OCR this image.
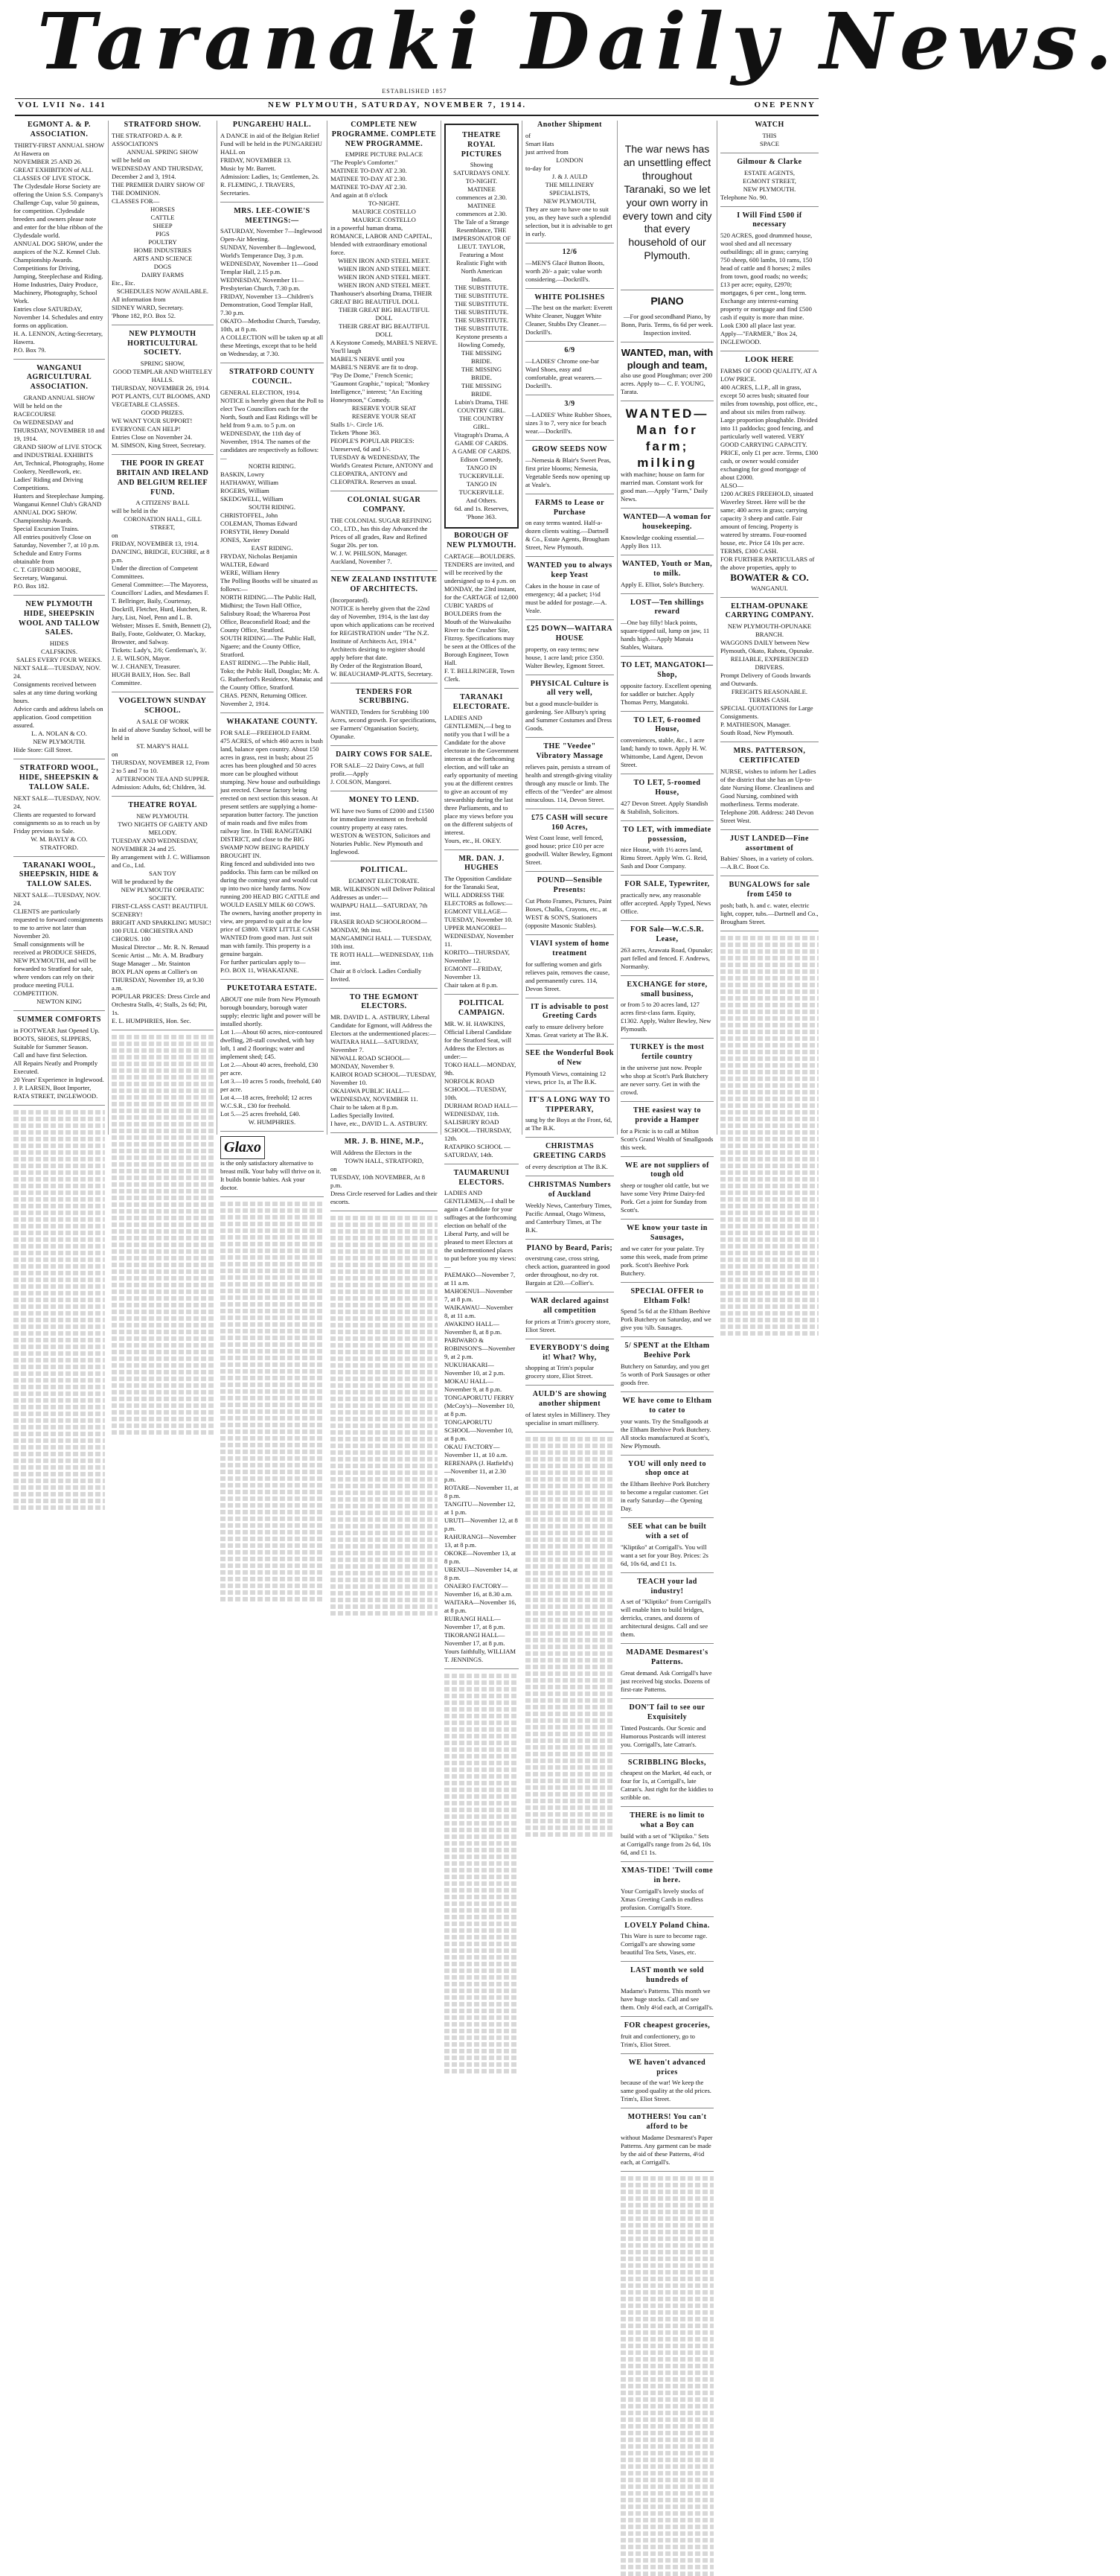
Taranaki Daily News.
ESTABLISHED 1857
VOL LVII No. 141	NEW PLYMOUTH, SATURDAY, NOVEMBER 7, 1914.	ONE PENNY
EGMONT A. & P. ASSOCIATION.
THIRTY-FIRST ANNUAL SHOW
At Hawera on
NOVEMBER 25 AND 26.
GREAT EXHIBITION of ALL CLASSES OF LIVE STOCK.
The Clydesdale Horse Society are offering the Union S.S. Company's Challenge Cup, value 50 guineas, for competition. Clydesdale breeders and owners please note and enter for the blue ribbon of the Clydesdale world.
ANNUAL DOG SHOW, under the auspices of the N.Z. Kennel Club. Championship Awards.
Competitions for Driving, Jumping, Steeplechase and Riding.
Home Industries, Dairy Produce, Machinery, Photography, School Work.
Entries close SATURDAY, November 14. Schedules and entry forms on application.
H. A. LENNON, Acting-Secretary, Hawera.
P.O. Box 79.
WANGANUI AGRICULTURAL ASSOCIATION.
GRAND ANNUAL SHOW
Will be held on the RACECOURSE
On WEDNESDAY and THURSDAY, NOVEMBER 18 and 19, 1914.
GRAND SHOW of LIVE STOCK and INDUSTRIAL EXHIBITS
Art, Technical, Photography, Home Cookery, Needlework, etc.
Ladies' Riding and Driving Competitions.
Hunters and Steeplechase Jumping.
Wanganui Kennel Club's GRAND ANNUAL DOG SHOW.
Championship Awards.
Special Excursion Trains.
All entries positively Close on Saturday, November 7, at 10 p.m.
Schedule and Entry Forms obtainable from
C. T. GIFFORD MOORE, Secretary, Wanganui.
P.O. Box 182.
NEW PLYMOUTH HIDE, SHEEPSKIN WOOL AND TALLOW SALES.
HIDES
CALFSKINS.
SALES EVERY FOUR WEEKS.
NEXT SALE—TUESDAY, NOV. 24.
Consignments received between sales at any time during working hours.
Advice cards and address labels on application. Good competition assured.
L. A. NOLAN & CO.
NEW PLYMOUTH.
Hide Store: Gill Street.
STRATFORD WOOL, HIDE, SHEEPSKIN & TALLOW SALE.
NEXT SALE—TUESDAY, NOV. 24.
Clients are requested to forward consignments so as to reach us by Friday previous to Sale.
W. M. BAYLY & CO.
STRATFORD.
TARANAKI WOOL, SHEEPSKIN, HIDE & TALLOW SALES.
NEXT SALE—TUESDAY, NOV. 24.
CLIENTS are particularly requested to forward consignments to me to arrive not later than November 20.
Small consignments will be received at PRODUCE SHEDS, NEW PLYMOUTH, and will be forwarded to Stratford for sale, where vendors can rely on their produce meeting FULL COMPETITION.
NEWTON KING
SUMMER COMFORTS
in FOOTWEAR Just Opened Up.
BOOTS, SHOES, SLIPPERS, Suitable for Summer Season.
Call and have first Selection.
All Repairs Neatly and Promptly Executed.
20 Years' Experience in Inglewood.
J. P. LARSEN, Boot Importer, RATA STREET, INGLEWOOD.
STRATFORD SHOW.
THE STRATFORD A. & P. ASSOCIATION'S
ANNUAL SPRING SHOW
will be held on
WEDNESDAY AND THURSDAY, December 2 and 3, 1914.
THE PREMIER DAIRY SHOW OF THE DOMINION.
CLASSES FOR—
HORSES
CATTLE
SHEEP
PIGS
POULTRY
HOME INDUSTRIES
ARTS AND SCIENCE
DOGS
DAIRY FARMS
Etc., Etc.
SCHEDULES NOW AVAILABLE.
All information from
SIDNEY WARD, Secretary.
'Phone 182, P.O. Box 52.
NEW PLYMOUTH HORTICULTURAL SOCIETY.
SPRING SHOW,
GOOD TEMPLAR AND WHITELEY HALLS.
THURSDAY, NOVEMBER 26, 1914.
POT PLANTS, CUT BLOOMS, AND VEGETABLE CLASSES.
GOOD PRIZES.
WE WANT YOUR SUPPORT! EVERYONE CAN HELP!
Entries Close on November 24.
M. SIMSON, King Street, Secretary.
THE POOR IN GREAT BRITAIN AND IRELAND AND BELGIUM RELIEF FUND.
A CITIZENS' BALL
will be held in the
CORONATION HALL, GILL STREET,
on
FRIDAY, NOVEMBER 13, 1914.
DANCING, BRIDGE, EUCHRE, at 8 p.m.
Under the direction of Competent Committees.
General Committee:—The Mayoress, Councillors' Ladies, and Mesdames F. T. Bellringer, Baily, Courtenay, Dockrill, Fletcher, Hurd, Hutchen, R. Jury, List, Noel, Penn and L. B. Webster; Misses E. Smith, Bennett (2), Baily, Foote, Goldwater, O. Mackay, Browster, and Salway.
Tickets: Lady's, 2/6; Gentleman's, 3/.
J. E. WILSON, Mayor.
W. J. CHANEY, Treasurer.
HUGH BAILY, Hon. Sec. Ball Committee.
VOGELTOWN SUNDAY SCHOOL.
A SALE OF WORK
In aid of above Sunday School, will be held in
ST. MARY'S HALL
on
THURSDAY, NOVEMBER 12, From 2 to 5 and 7 to 10.
AFTERNOON TEA AND SUPPER.
Admission: Adults, 6d; Children, 3d.
THEATRE ROYAL
NEW PLYMOUTH.
TWO NIGHTS OF GAIETY AND MELODY.
TUESDAY AND WEDNESDAY, NOVEMBER 24 and 25.
By arrangement with J. C. Williamson and Co., Ltd.
SAN TOY
Will be produced by the
NEW PLYMOUTH OPERATIC SOCIETY.
FIRST-CLASS CAST! BEAUTIFUL SCENERY!
BRIGHT AND SPARKLING MUSIC!
100 FULL ORCHESTRA AND CHORUS. 100
Musical Director ... Mr. R. N. Renaud
Scenic Artist ... Mr. A. M. Bradbury
Stage Manager ... Mr. Stainton
BOX PLAN opens at Collier's on THURSDAY, November 19, at 9.30 a.m.
POPULAR PRICES: Dress Circle and Orchestra Stalls, 4/; Stalls, 2s 6d; Pit, 1s.
E. L. HUMPHRIES, Hon. Sec.
PUNGAREHU HALL.
A DANCE in aid of the Belgian Relief Fund will be held in the PUNGAREHU HALL on
FRIDAY, NOVEMBER 13.
Music by Mr. Barrett.
Admission: Ladies, 1s; Gentlemen, 2s.
R. FLEMING, J. TRAVERS, Secretaries.
MRS. LEE-COWIE'S MEETINGS:—
SATURDAY, November 7—Inglewood Open-Air Meeting.
SUNDAY, November 8—Inglewood, World's Temperance Day, 3 p.m.
WEDNESDAY, November 11—Good Templar Hall, 2.15 p.m.
WEDNESDAY, November 11—Presbyterian Church, 7.30 p.m.
FRIDAY, November 13—Children's Demonstration, Good Templar Hall, 7.30 p.m.
OKATO—Methodist Church, Tuesday, 10th, at 8 p.m.
A COLLECTION will be taken up at all these Meetings, except that to be held on Wednesday, at 7.30.
STRATFORD COUNTY COUNCIL.
GENERAL ELECTION, 1914.
NOTICE is hereby given that the Poll to elect Two Councillors each for the North, South and East Ridings will be held from 9 a.m. to 5 p.m. on WEDNESDAY, the 11th day of November, 1914. The names of the candidates are respectively as follows:—
NORTH RIDING.
BASKIN, Lowry
HATHAWAY, William
ROGERS, William
SKEDGWELL, William
SOUTH RIDING.
CHRISTOFFEL, John
COLEMAN, Thomas Edward
FORSYTH, Henry Donald
JONES, Xavier
EAST RIDING.
FRYDAY, Nicholas Benjamin
WALTER, Edward
WERE, William Henry
The Polling Booths will be situated as follows:—
NORTH RIDING.—The Public Hall, Midhirst; the Town Hall Office, Salisbury Road; the Whareroa Post Office, Beaconsfield Road; and the County Office, Stratford.
SOUTH RIDING.—The Public Hall, Ngaere; and the County Office, Stratford.
EAST RIDING.—The Public Hall, Toko; the Public Hall, Douglas; Mr. A. G. Rutherford's Residence, Manaia; and the County Office, Stratford.
CHAS. PENN, Returning Officer.
November 2, 1914.
WHAKATANE COUNTY.
FOR SALE—FREEHOLD FARM.
475 ACRES, of which 460 acres is bush land, balance open country. About 150 acres in grass, rest in bush; about 25 acres has been ploughed and 50 acres more can be ploughed without stumping. New house and outbuildings just erected. Cheese factory being erected on next section this season. At present settlers are supplying a home-separation butter factory. The junction of main roads and five miles from railway line. In THE RANGITAIKI DISTRICT, and close to the BIG SWAMP NOW BEING RAPIDLY BROUGHT IN.
Ring fenced and subdivided into two paddocks. This farm can be milked on during the coming year and would cut up into two nice handy farms. Now running 200 HEAD BIG CATTLE and WOULD EASILY MILK 60 COWS.
The owners, having another property in view, are prepared to quit at the low price of £3800. VERY LITTLE CASH WANTED from good man. Just suit man with family. This property is a genuine bargain.
For further particulars apply to—
P.O. BOX 11, WHAKATANE.
PUKETOTARA ESTATE.
ABOUT one mile from New Plymouth borough boundary, borough water supply; electric light and power will be installed shortly.
Lot 1.—About 60 acres, nice-contoured dwelling, 28-stall cowshed, with bay loft, 1 and 2 floorings; water and implement shed; £45.
Lot 2.—About 40 acres, freehold, £30 per acre.
Lot 3.—10 acres 5 roods, freehold, £40 per acre.
Lot 4.—18 acres, freehold; 12 acres W.C.S.R., £30 for freehold.
Lot 5.—25 acres freehold, £40.
W. HUMPHRIES.
Glaxo
is the only satisfactory alternative to breast milk. Your baby will thrive on it. It builds bonnie babies. Ask your doctor.
COMPLETE NEW PROGRAMME. COMPLETE NEW PROGRAMME.
EMPIRE PICTURE PALACE
"The People's Comforter."
MATINEE TO-DAY AT 2.30.
MATINEE TO-DAY AT 2.30.
MATINEE TO-DAY AT 2.30.
And again at 8 o'clock
TO-NIGHT.
MAURICE COSTELLO
MAURICE COSTELLO
in a powerful human drama, ROMANCE, LABOR AND CAPITAL, blended with extraordinary emotional force.
WHEN IRON AND STEEL MEET.
WHEN IRON AND STEEL MEET.
WHEN IRON AND STEEL MEET.
WHEN IRON AND STEEL MEET.
Thanhouser's absorbing Drama, THEIR GREAT BIG BEAUTIFUL DOLL
THEIR GREAT BIG BEAUTIFUL DOLL
THEIR GREAT BIG BEAUTIFUL DOLL
A Keystone Comedy, MABEL'S NERVE. You'll laugh
MABEL'S NERVE until you
MABEL'S NERVE are fit to drop.
"Pay De Dome," French Scenic; "Gaumont Graphic," topical; "Monkey Intelligence," interest; "An Exciting Honeymoon," Comedy.
RESERVE YOUR SEAT
RESERVE YOUR SEAT
Stalls 1/-. Circle 1/6.
Tickets 'Phone 363.
PEOPLE'S POPULAR PRICES: Unreserved, 6d and 1/-.
TUESDAY & WEDNESDAY, The World's Greatest Picture, ANTONY and CLEOPATRA, ANTONY and CLEOPATRA. Reserves as usual.
COLONIAL SUGAR COMPANY.
THE COLONIAL SUGAR REFINING CO., LTD., has this day Advanced the Prices of all grades, Raw and Refined Sugar 20s. per ton.
W. J. W. PHILSON, Manager.
Auckland, November 7.
NEW ZEALAND INSTITUTE OF ARCHITECTS.
(Incorporated).
NOTICE is hereby given that the 22nd day of November, 1914, is the last day upon which applications can be received for REGISTRATION under "The N.Z. Institute of Architects Act, 1914." Architects desiring to register should apply before that date.
By Order of the Registration Board,
W. BEAUCHAMP-PLATTS, Secretary.
TENDERS FOR SCRUBBING.
WANTED, Tenders for Scrubbing 100 Acres, second growth. For specifications, see Farmers' Organisation Society, Opunake.
DAIRY COWS FOR SALE.
FOR SALE—22 Dairy Cows, at full profit.—Apply
J. COLSON, Mangorei.
MONEY TO LEND.
WE have two Sums of £2000 and £1500 for immediate investment on freehold country property at easy rates.
WESTON & WESTON, Solicitors and Notaries Public. New Plymouth and Inglewood.
POLITICAL.
EGMONT ELECTORATE.
MR. WILKINSON will Deliver Political Addresses as under:—
WAIPAPU HALL—SATURDAY, 7th inst.
FRASER ROAD SCHOOLROOM—MONDAY, 9th inst.
MANGAMINGI HALL — TUESDAY, 10th inst.
TE ROTI HALL—WEDNESDAY, 11th inst.
Chair at 8 o'clock. Ladies Cordially Invited.
TO THE EGMONT ELECTORS.
MR. DAVID L. A. ASTBURY, Liberal Candidate for Egmont, will Address the Electors at the undermentioned places:—
WAITARA HALL—SATURDAY, November 7.
NEWALL ROAD SCHOOL—MONDAY, November 9.
KAIROI ROAD SCHOOL—TUESDAY, November 10.
OKAIAWA PUBLIC HALL—WEDNESDAY, NOVEMBER 11.
Chair to be taken at 8 p.m.
Ladies Specially Invited.
I have, etc., DAVID L. A. ASTBURY.
MR. J. B. HINE, M.P.,
Will Address the Electors in the
TOWN HALL, STRATFORD,
on
TUESDAY, 10th NOVEMBER, At 8 p.m.
Dress Circle reserved for Ladies and their escorts.
THEATRE ROYAL PICTURES
Showing SATURDAYS ONLY.
TO-NIGHT.
MATINEE commences at 2.30.
MATINEE commences at 2.30.
The Tale of a Strange Resemblance, THE IMPERSONATOR OF LIEUT. TAYLOR,
Featuring a Most Realistic Fight with North American Indians.
THE SUBSTITUTE.
THE SUBSTITUTE.
THE SUBSTITUTE.
THE SUBSTITUTE.
THE SUBSTITUTE.
THE SUBSTITUTE.
Keystone presents a Howling Comedy,
THE MISSING BRIDE.
THE MISSING BRIDE.
THE MISSING BRIDE.
Lubin's Drama, THE COUNTRY GIRL.
THE COUNTRY GIRL.
Vitagraph's Drama, A GAME OF CARDS.
A GAME OF CARDS.
Edison Comedy, TANGO IN TUCKERVILLE.
TANGO IN TUCKERVILLE.
And Others.
6d. and 1s. Reserves, 'Phone 363.
BOROUGH OF NEW PLYMOUTH.
CARTAGE—BOULDERS.
TENDERS are invited, and will be received by the undersigned up to 4 p.m. on MONDAY, the 23rd instant, for the CARTAGE of 12,000 CUBIC YARDS of BOULDERS from the Mouth of the Waiwakaiho River to the Crusher Site, Fitzroy. Specifications may be seen at the Offices of the Borough Engineer, Town Hall.
F. T. BELLRINGER, Town Clerk.
TARANAKI ELECTORATE.
LADIES AND GENTLEMEN,—I beg to notify you that I will be a Candidate for the above electorate in the Government interests at the forthcoming election, and will take an early opportunity of meeting you at the different centres to give an account of my stewardship during the last three Parliaments, and to place my views before you on the different subjects of interest.
Yours, etc., H. OKEY.
MR. DAN. J. HUGHES
The Opposition Candidate for the Taranaki Seat,
WILL ADDRESS THE ELECTORS as follows:—
EGMONT VILLAGE—TUESDAY, November 10.
UPPER MANGOREI—WEDNESDAY, November 11.
KORITO—THURSDAY, November 12.
EGMONT—FRIDAY, November 13.
Chair taken at 8 p.m.
POLITICAL CAMPAIGN.
MR. W. H. HAWKINS, Official Liberal Candidate for the Stratford Seat, will Address the Electors as under:—
TOKO HALL—MONDAY, 9th.
NORFOLK ROAD SCHOOL—TUESDAY, 10th.
DURHAM ROAD HALL—WEDNESDAY, 11th.
SALISBURY ROAD SCHOOL—THURSDAY, 12th.
RATAPIKO SCHOOL — SATURDAY, 14th.
TAUMARUNUI ELECTORS.
LADIES AND GENTLEMEN,—I shall be again a Candidate for your suffrages at the forthcoming election on behalf of the Liberal Party, and will be pleased to meet Electors at the undermentioned places to put before you my views:—
PAEMAKO—November 7, at 11 a.m.
MAHOENUI—November 7, at 8 p.m.
WAIKAWAU—November 8, at 11 a.m.
AWAKINO HALL—November 8, at 8 p.m.
PARIWARO & ROBINSON'S—November 9, at 2 p.m.
NUKUHAKARI—November 10, at 2 p.m.
MOKAU HALL—November 9, at 8 p.m.
TONGAPORUTU FERRY (McCoy's)—November 10, at 8 p.m.
TONGAPORUTU SCHOOL—November 10, at 8 p.m.
OKAU FACTORY—November 11, at 10 a.m.
RERENAPA (J. Hatfield's)—November 11, at 2.30 p.m.
ROTARE—November 11, at 8 p.m.
TANGITU—November 12, at 1 p.m.
URUTI—November 12, at 8 p.m.
RAHURANGI—November 13, at 8 p.m.
OKOKE—November 13, at 8 p.m.
URENUI—November 14, at 8 p.m.
ONAERO FACTORY—November 16, at 8.30 a.m.
WAITARA—November 16, at 8 p.m.
RUIRANGI HALL—November 17, at 8 p.m.
TIKORANGI HALL—November 17, at 8 p.m.
Yours faithfully, WILLIAM T. JENNINGS.
Another Shipment
of
Smart Hats
just arrived from
LONDON
to-day for
J. & J. AULD
THE MILLINERY
SPECIALISTS,
NEW PLYMOUTH,
They are sure to have one to suit you, as they have such a splendid selection, but it is advisable to get in early.
12/6
—MEN'S Glacé Button Boots, worth 20/- a pair; value worth considering.—Dockrill's.
WHITE POLISHES
—The best on the market: Everett White Cleaner, Nugget White Cleaner, Stubbs Dry Cleaner.—Dockrill's.
6/9
—LADIES' Chrome one-bar Ward Shoes, easy and comfortable, great wearers.—Dockrill's.
3/9
—LADIES' White Rubber Shoes, sizes 3 to 7, very nice for beach wear.—Dockrill's.
GROW SEEDS NOW
—Nemesia & Blair's Sweet Peas, first prize blooms; Nemesia, Vegetable Seeds now opening up at Veale's.
FARMS to Lease or Purchase
on easy terms wanted. Half-a-dozen clients waiting.—Dartnell & Co., Estate Agents, Brougham Street, New Plymouth.
WANTED you to always keep Yeast
Cakes in the house in case of emergency; 4d a packet; 1½d must be added for postage.—A. Veale.
£25 DOWN—WAITARA HOUSE
property, on easy terms; new house, 1 acre land; price £350. Walter Bewley, Egmont Street.
PHYSICAL Culture is all very well,
but a good muscle-builder is gardening. See Allbury's spring and Summer Costumes and Dress Goods.
THE "Veedee" Vibratory Massage
relieves pain, persists a stream of health and strength-giving vitality through any muscle or limb. The effects of the "Veedee" are almost miraculous. 114, Devon Street.
£75 CASH will secure 160 Acres,
West Coast lease, well fenced, good house; price £10 per acre goodwill. Walter Bewley, Egmont Street.
POUND—Sensible Presents:
Cut Photo Frames, Pictures, Paint Boxes, Chalks, Crayons, etc., at WEST & SON'S, Stationers (opposite Masonic Stables).
VIAVI system of home treatment
for suffering women and girls relieves pain, removes the cause, and permanently cures. 114, Devon Street.
IT is advisable to post Greeting Cards
early to ensure delivery before Xmas. Great variety at The B.K.
SEE the Wonderful Book of New
Plymouth Views, containing 12 views, price 1s, at The B.K.
IT'S A LONG WAY TO TIPPERARY,
sung by the Boys at the Front, 6d, at The B.K.
CHRISTMAS GREETING CARDS
of every description at The B.K.
CHRISTMAS Numbers of Auckland
Weekly News, Canterbury Times, Pacific Annual, Otago Witness, and Canterbury Times, at The B.K.
PIANO by Beard, Paris;
overstrung case, cross string, check action, guaranteed in good order throughout, no dry rot. Bargain at £20.—Collier's.
WAR declared against all competition
for prices at Trim's grocery store, Eliot Street.
EVERYBODY'S doing it! What? Why,
shopping at Trim's popular grocery store, Eliot Street.
AULD'S are showing another shipment
of latest styles in Millinery. They specialise in smart millinery.
The war news has an unsettling effect throughout Taranaki, so we let your own worry in every town and city that every household of our Plymouth.
PIANO
—For good secondhand Piano, by Bonn, Paris. Terms, 6s 6d per week. Inspection invited.
WANTED, man, with plough and team,
also use good Ploughman; over 200 acres. Apply to— C. F. YOUNG, Tarata.
WANTED—Man for farm; milking
with machine; house on farm for married man. Constant work for good man.—Apply "Farm," Daily News.
WANTED—A woman for housekeeping.
Knowledge cooking essential.—Apply Box 113.
WANTED, Youth or Man, to milk.
Apply E. Elliot, Sole's Butchery.
LOST—Ten shillings reward
—One bay filly! black points, square-tipped tail, lump on jaw, 11 hands high.—Apply Manaia Stables, Waitara.
TO LET, MANGATOKI—Shop,
opposite factory. Excellent opening for saddler or butcher. Apply Thomas Perry, Mangatoki.
TO LET, 6-roomed House,
conveniences, stable, &c., 1 acre land; handy to town. Apply H. W. Whittombe, Land Agent, Devon Street.
TO LET, 5-roomed House,
427 Devon Street. Apply Standish & Stabilish, Solicitors.
TO LET, with immediate possession,
nice House, with 1½ acres land, Rimu Street. Apply Wm. G. Reid, Sash and Door Company.
FOR SALE, Typewriter,
practically new, any reasonable offer accepted. Apply Typed, News Office.
FOR Sale—W.C.S.R. Lease,
263 acres, Arawata Road, Opunake; part felled and fenced. F. Andrews, Normanby.
EXCHANGE for store, small business,
or from 5 to 20 acres land, 127 acres first-class farm. Equity, £1302. Apply, Walter Bewley, New Plymouth.
TURKEY is the most fertile country
in the universe just now. People who shop at Scott's Park Butchery are never sorry. Get in with the crowd.
THE easiest way to provide a Hamper
for a Picnic is to call at Milton Scott's Grand Wealth of Smallgoods this week.
WE are not suppliers of tough old
sheep or tougher old cattle, but we have some Very Prime Dairy-fed Pork. Get a joint for Sunday from Scott's.
WE know your taste in Sausages,
and we cater for your palate. Try some this week, made from prime pork. Scott's Beehive Pork Butchery.
SPECIAL OFFER to Eltham Folk!
Spend 5s 6d at the Eltham Beehive Pork Butchery on Saturday, and we give you ¾lb. Sausages.
5/ SPENT at the Eltham Beehive Pork
Butchery on Saturday, and you get 5s worth of Pork Sausages or other goods free.
WE have come to Eltham to cater to
your wants. Try the Smallgoods at the Eltham Beehive Pork Butchery. All stocks manufactured at Scott's, New Plymouth.
YOU will only need to shop once at
the Eltham Beehive Pork Butchery to become a regular customer. Get in early Saturday—the Opening Day.
SEE what can be built with a set of
"Kliptiko" at Corrigall's. You will want a set for your Boy. Prices: 2s 6d, 10s 6d, and £1 1s.
TEACH your lad industry!
A set of "Kliptiko" from Corrigall's will enable him to build bridges, derricks, cranes, and dozens of architectural designs. Call and see them.
MADAME Desmarest's Patterns.
Great demand. Ask Corrigall's have just received big stocks. Dozens of first-rate Patterns.
DON'T fail to see our Exquisitely
Tinted Postcards. Our Scenic and Humorous Postcards will interest you. Corrigall's, late Catran's.
SCRIBBLING Blocks,
cheapest on the Market, 4d each, or four for 1s, at Corrigall's, late Catran's. Just right for the kiddies to scribble on.
THERE is no limit to what a Boy can
build with a set of "Kliptiko." Sets at Corrigall's range from 2s 6d, 10s 6d, and £1 1s.
XMAS-TIDE! 'Twill come in here.
Your Corrigall's lovely stocks of Xmas Greeting Cards in endless profusion. Corrigall's Store.
LOVELY Poland China.
This Ware is sure to become rage. Corrigall's are showing some beautiful Tea Sets, Vases, etc.
LAST month we sold hundreds of
Madame's Patterns. This month we have huge stocks. Call and see them. Only 4½d each, at Corrigall's.
FOR cheapest groceries,
fruit and confectionery, go to Trim's, Eliot Street.
WE haven't advanced prices
because of the war! We keep the same good quality at the old prices. Trim's, Eliot Street.
MOTHERS! You can't afford to be
without Madame Desmarest's Paper Patterns. Any garment can be made by the aid of these Patterns, 4½d each, at Corrigall's.
WATCH
THIS
SPACE
Gilmour & Clarke
ESTATE AGENTS,
EGMONT STREET,
NEW PLYMOUTH.
Telephone No. 90.
I Will Find £500 if necessary
520 ACRES, good drummed house, wool shed and all necessary outbuildings; all in grass; carrying 750 sheep, 600 lambs, 10 rams, 150 head of cattle and 8 horses; 2 miles from town, good roads; no weeds; £13 per acre; equity, £2970; mortgages, 6 per cent., long term. Exchange any interest-earning property or mortgage and find £500 cash if equity is more than mine. Look £300 all place last year.
Apply—"FARMER," Box 24, INGLEWOOD.
LOOK HERE
FARMS OF GOOD QUALITY, AT A LOW PRICE.
400 ACRES, L.I.P., all in grass, except 50 acres bush; situated four miles from township, post office, etc., and about six miles from railway. Large proportion ploughable. Divided into 11 paddocks; good fencing, and particularly well watered. VERY GOOD CARRYING CAPACITY. PRICE, only £1 per acre. Terms, £300 cash, or owner would consider exchanging for good mortgage of about £2000.
ALSO—
1200 ACRES FREEHOLD, situated Waverley Street. Here will be the same; 400 acres in grass; carrying capacity 3 sheep and cattle. Fair amount of fencing. Property is watered by streams. Four-roomed house, etc. Price £4 10s per acre. TERMS, £300 CASH.
FOR FURTHER PARTICULARS of the above properties, apply to
BOWATER & CO.
WANGANUI.
ELTHAM-OPUNAKE CARRYING COMPANY.
NEW PLYMOUTH-OPUNAKE BRANCH.
WAGGONS DAILY between New Plymouth, Okato, Rahotu, Opunake.
RELIABLE, EXPERIENCED DRIVERS.
Prompt Delivery of Goods Inwards and Outwards.
FREIGHTS REASONABLE. TERMS CASH.
SPECIAL QUOTATIONS for Large Consignments.
P. MATHIESON, Manager.
South Road, New Plymouth.
MRS. PATTERSON, CERTIFICATED
NURSE, wishes to inform her Ladies of the district that she has an Up-to-date Nursing Home. Cleanliness and Good Nursing, combined with motherliness. Terms moderate. Telephone 208. Address: 248 Devon Street West.
JUST LANDED—Fine assortment of
Babies' Shoes, in a variety of colors.—A.B.C. Boot Co.
BUNGALOWS for sale from £450 to
posh; bath, h. and c. water, electric light, copper, tubs.—Dartnell and Co., Brougham Street.
